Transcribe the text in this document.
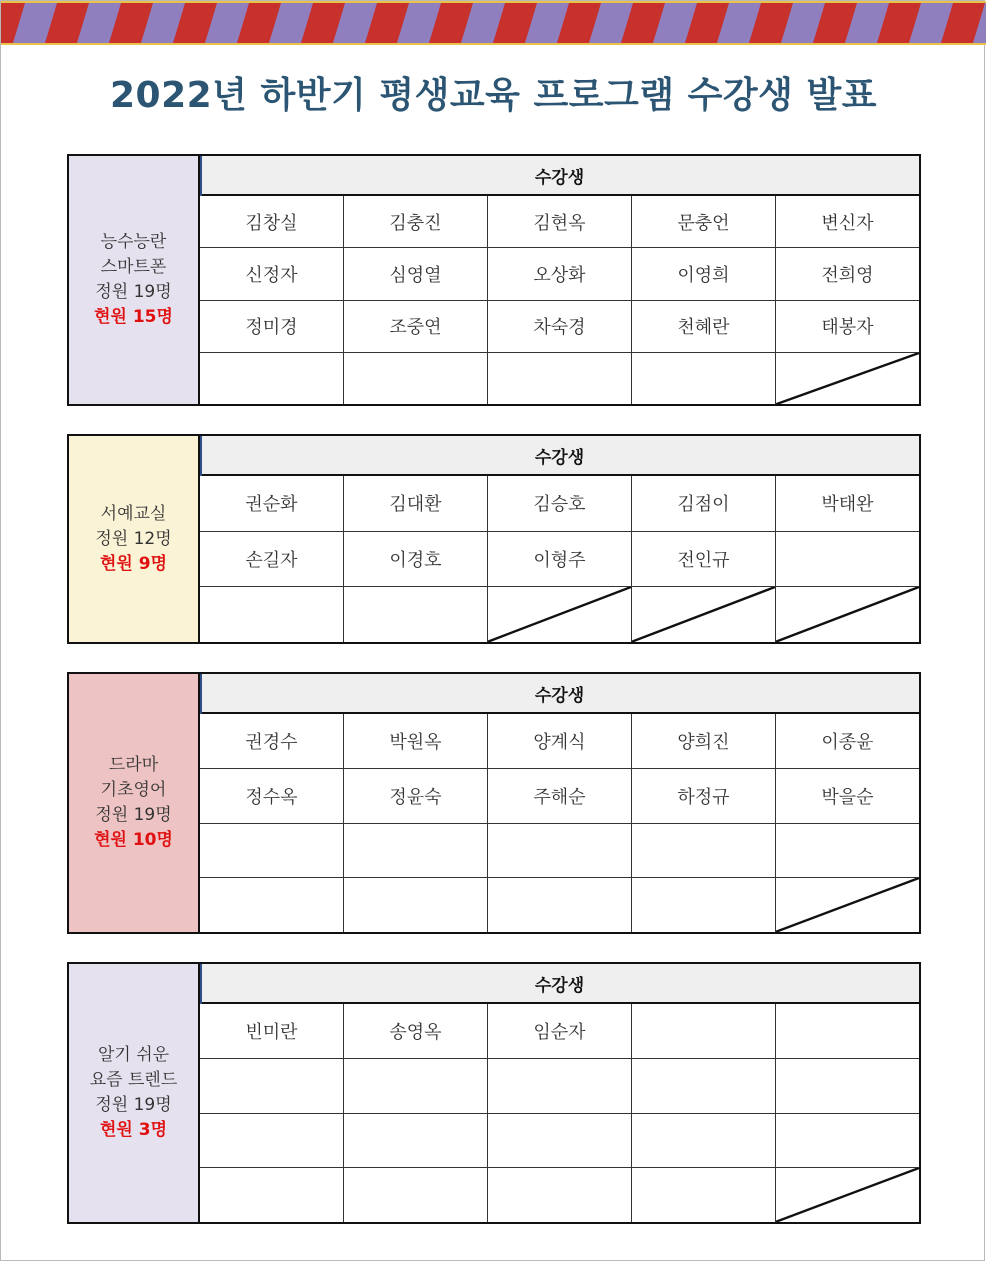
2022년 하반기 평생교육 프로그램 수강생 발표
능수능란
스마트폰
정원 19명
현원 15명
수강생
김창실	김충진	김현옥	문충언	변신자
신정자	심영열	오상화	이영희	전희영
정미경	조중연	차숙경	천혜란	태봉자
서예교실
정원 12명
현원 9명
수강생
권순화	김대환	김승호	김점이	박태완
손길자	이경호	이형주	전인규
드라마
기초영어
정원 19명
현원 10명
수강생
권경수	박원옥	양계식	양희진	이종윤
정수옥	정윤숙	주해순	하정규	박을순
알기 쉬운
요즘 트렌드
정원 19명
현원 3명
수강생
빈미란	송영옥	임순자
